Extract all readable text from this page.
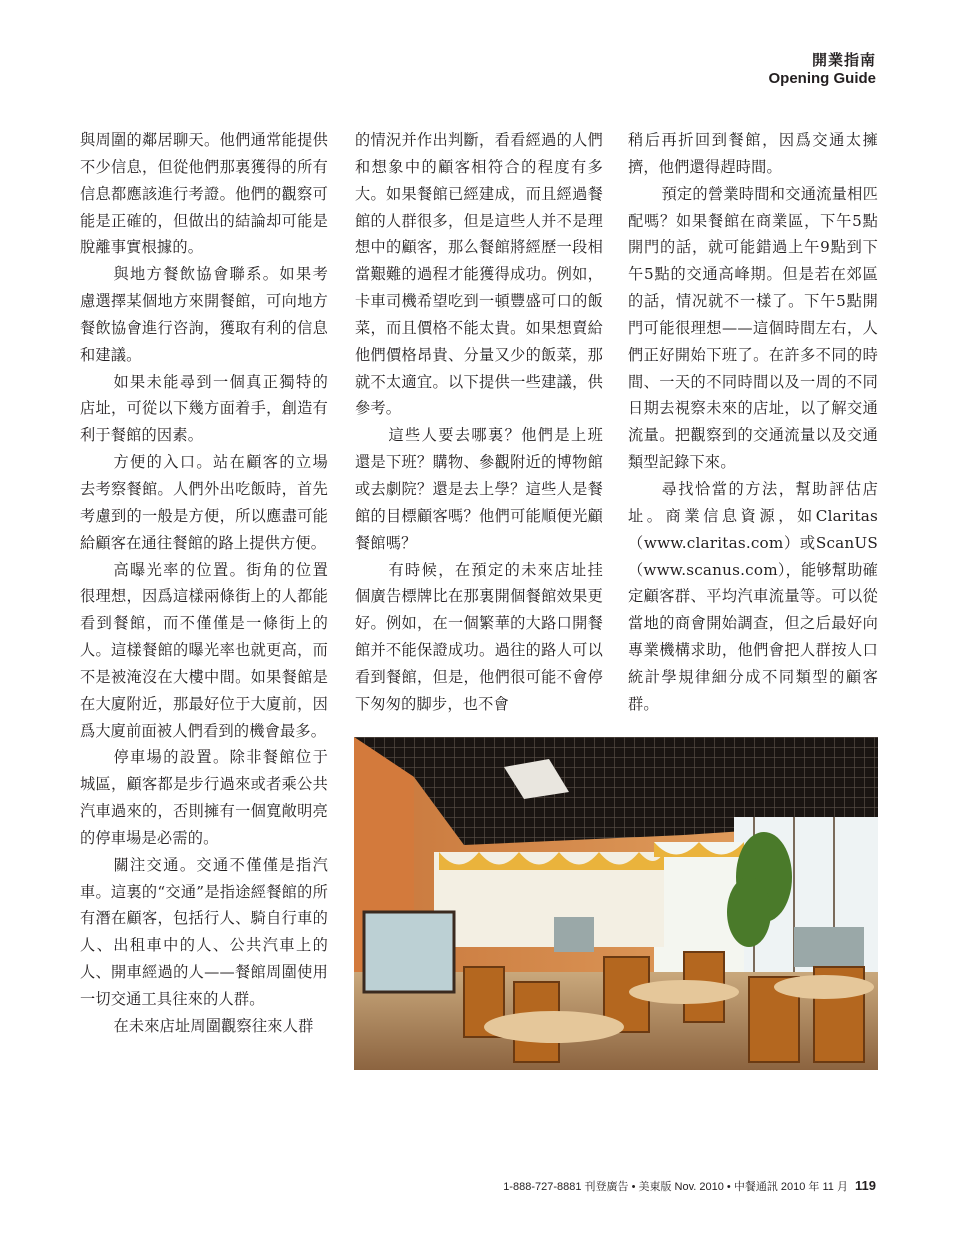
開業指南
Opening Guide

與周圍的鄰居聊天。他們通常能提供不少信息，但從他們那裏獲得的所有信息都應該進行考證。他們的觀察可能是正確的，但做出的結論却可能是脫離事實根據的。

與地方餐飲協會聯系。如果考慮選擇某個地方來開餐館，可向地方餐飲協會進行咨詢，獲取有利的信息和建議。

如果未能尋到一個真正獨特的店址，可從以下幾方面着手，創造有利于餐館的因素。

方便的入口。站在顧客的立場去考察餐館。人們外出吃飯時，首先考慮到的一般是方便，所以應盡可能給顧客在通往餐館的路上提供方便。

高曝光率的位置。街角的位置很理想，因爲這樣兩條街上的人都能看到餐館，而不僅僅是一條街上的人。這樣餐館的曝光率也就更高，而不是被淹沒在大樓中間。如果餐館是在大廈附近，那最好位于大廈前，因爲大廈前面被人們看到的機會最多。

停車場的設置。除非餐館位于城區，顧客都是步行過來或者乘公共汽車過來的，否則擁有一個寬敞明亮的停車場是必需的。

關注交通。交通不僅僅是指汽車。這裏的“交通”是指途經餐館的所有潛在顧客，包括行人、騎自行車的人、出租車中的人、公共汽車上的人、開車經過的人——餐館周圍使用一切交通工具往來的人群。

在未來店址周圍觀察往來人群

的情況并作出判斷，看看經過的人們和想象中的顧客相符合的程度有多大。如果餐館已經建成，而且經過餐館的人群很多，但是這些人并不是理想中的顧客，那么餐館將經歷一段相當艱難的過程才能獲得成功。例如，卡車司機希望吃到一頓豐盛可口的飯菜，而且價格不能太貴。如果想賣給他們價格昂貴、分量又少的飯菜，那就不太適宜。以下提供一些建議，供參考。

這些人要去哪裏？他們是上班還是下班？購物、參觀附近的博物館或去劇院？還是去上學？這些人是餐館的目標顧客嗎？他們可能順便光顧餐館嗎？

有時候，在預定的未來店址挂個廣告標牌比在那裏開個餐館效果更好。例如，在一個繁華的大路口開餐館并不能保證成功。過往的路人可以看到餐館，但是，他們很可能不會停下匆匆的脚步，也不會

稍后再折回到餐館，因爲交通太擁擠，他們還得趕時間。

預定的營業時間和交通流量相匹配嗎？如果餐館在商業區，下午5點開門的話，就可能錯過上午9點到下午5點的交通高峰期。但是若在郊區的話，情况就不一樣了。下午5點開門可能很理想——這個時間左右，人們正好開始下班了。在許多不同的時間、一天的不同時間以及一周的不同日期去視察未來的店址，以了解交通流量。把觀察到的交通流量以及交通類型記錄下來。

尋找恰當的方法，幫助評估店址。商業信息資源，如Claritas（www.claritas.com）或ScanUS（www.scanus.com），能够幫助確定顧客群、平均汽車流量等。可以從當地的商會開始調查，但之后最好向專業機構求助，他們會把人群按人口統計學規律細分成不同類型的顧客群。

1-888-727-8881 刊登廣告 • 美東版 Nov. 2010 • 中餐通訊 2010 年 11 月 119
